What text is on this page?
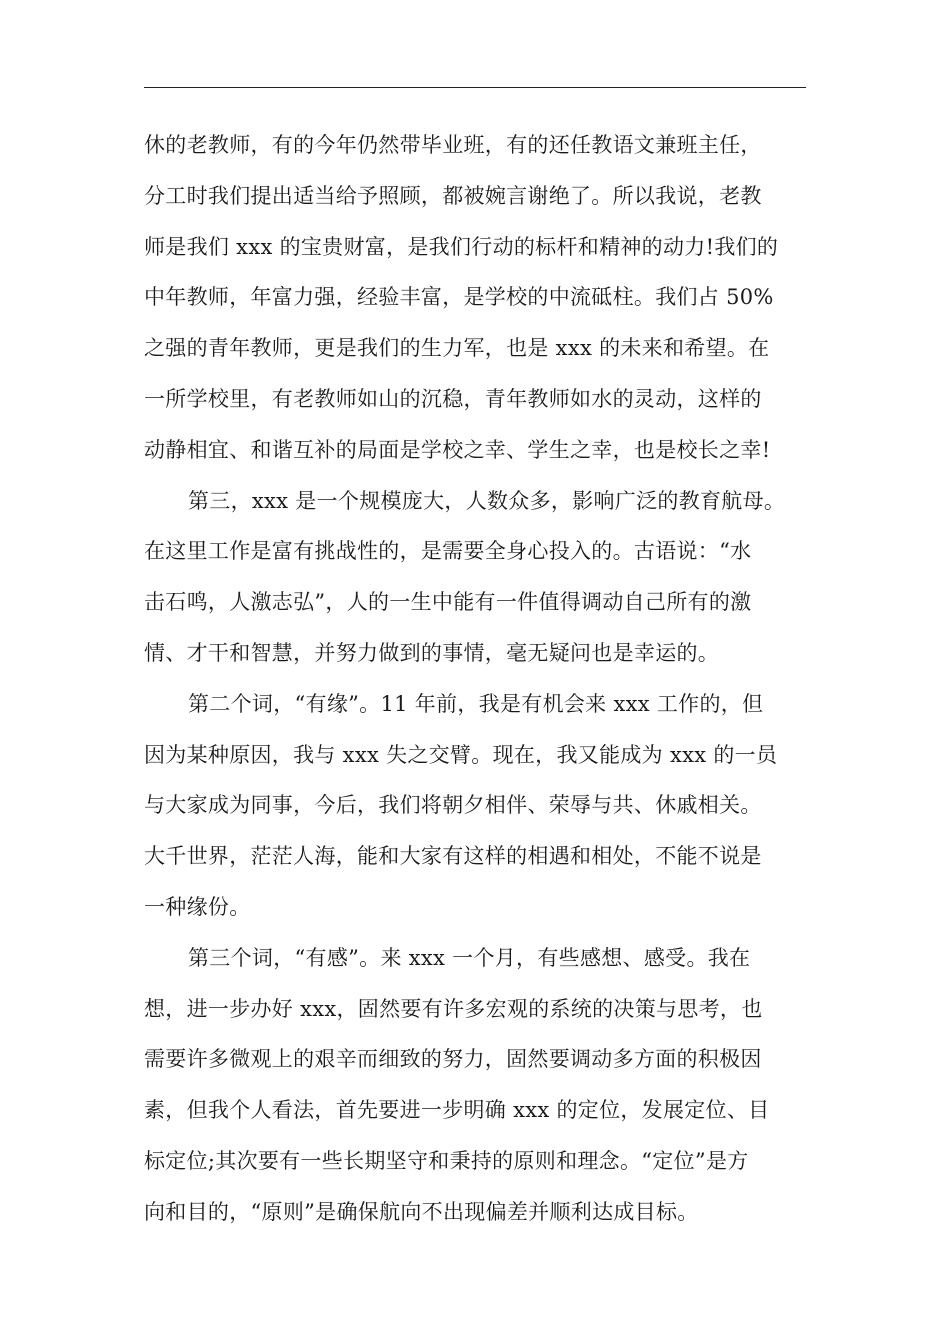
休的老教师，有的今年仍然带毕业班，有的还任教语文兼班主任，
分工时我们提出适当给予照顾，都被婉言谢绝了。所以我说，老教
师是我们 xxx 的宝贵财富，是我们行动的标杆和精神的动力!我们的
中年教师，年富力强，经验丰富，是学校的中流砥柱。我们占 50%
之强的青年教师，更是我们的生力军，也是 xxx 的未来和希望。在
一所学校里，有老教师如山的沉稳，青年教师如水的灵动，这样的
动静相宜、和谐互补的局面是学校之幸、学生之幸，也是校长之幸!
第三，xxx 是一个规模庞大，人数众多，影响广泛的教育航母。
在这里工作是富有挑战性的，是需要全身心投入的。古语说：“水
击石鸣，人激志弘”，人的一生中能有一件值得调动自己所有的激
情、才干和智慧，并努力做到的事情，毫无疑问也是幸运的。
第二个词，“有缘”。11 年前，我是有机会来 xxx 工作的，但
因为某种原因，我与 xxx 失之交臂。现在，我又能成为 xxx 的一员
与大家成为同事，今后，我们将朝夕相伴、荣辱与共、休戚相关。
大千世界，茫茫人海，能和大家有这样的相遇和相处，不能不说是
一种缘份。
第三个词，“有感”。来 xxx 一个月，有些感想、感受。我在
想，进一步办好 xxx，固然要有许多宏观的系统的决策与思考，也
需要许多微观上的艰辛而细致的努力，固然要调动多方面的积极因
素，但我个人看法，首先要进一步明确 xxx 的定位，发展定位、目
标定位;其次要有一些长期坚守和秉持的原则和理念。“定位”是方
向和目的，“原则”是确保航向不出现偏差并顺利达成目标。
